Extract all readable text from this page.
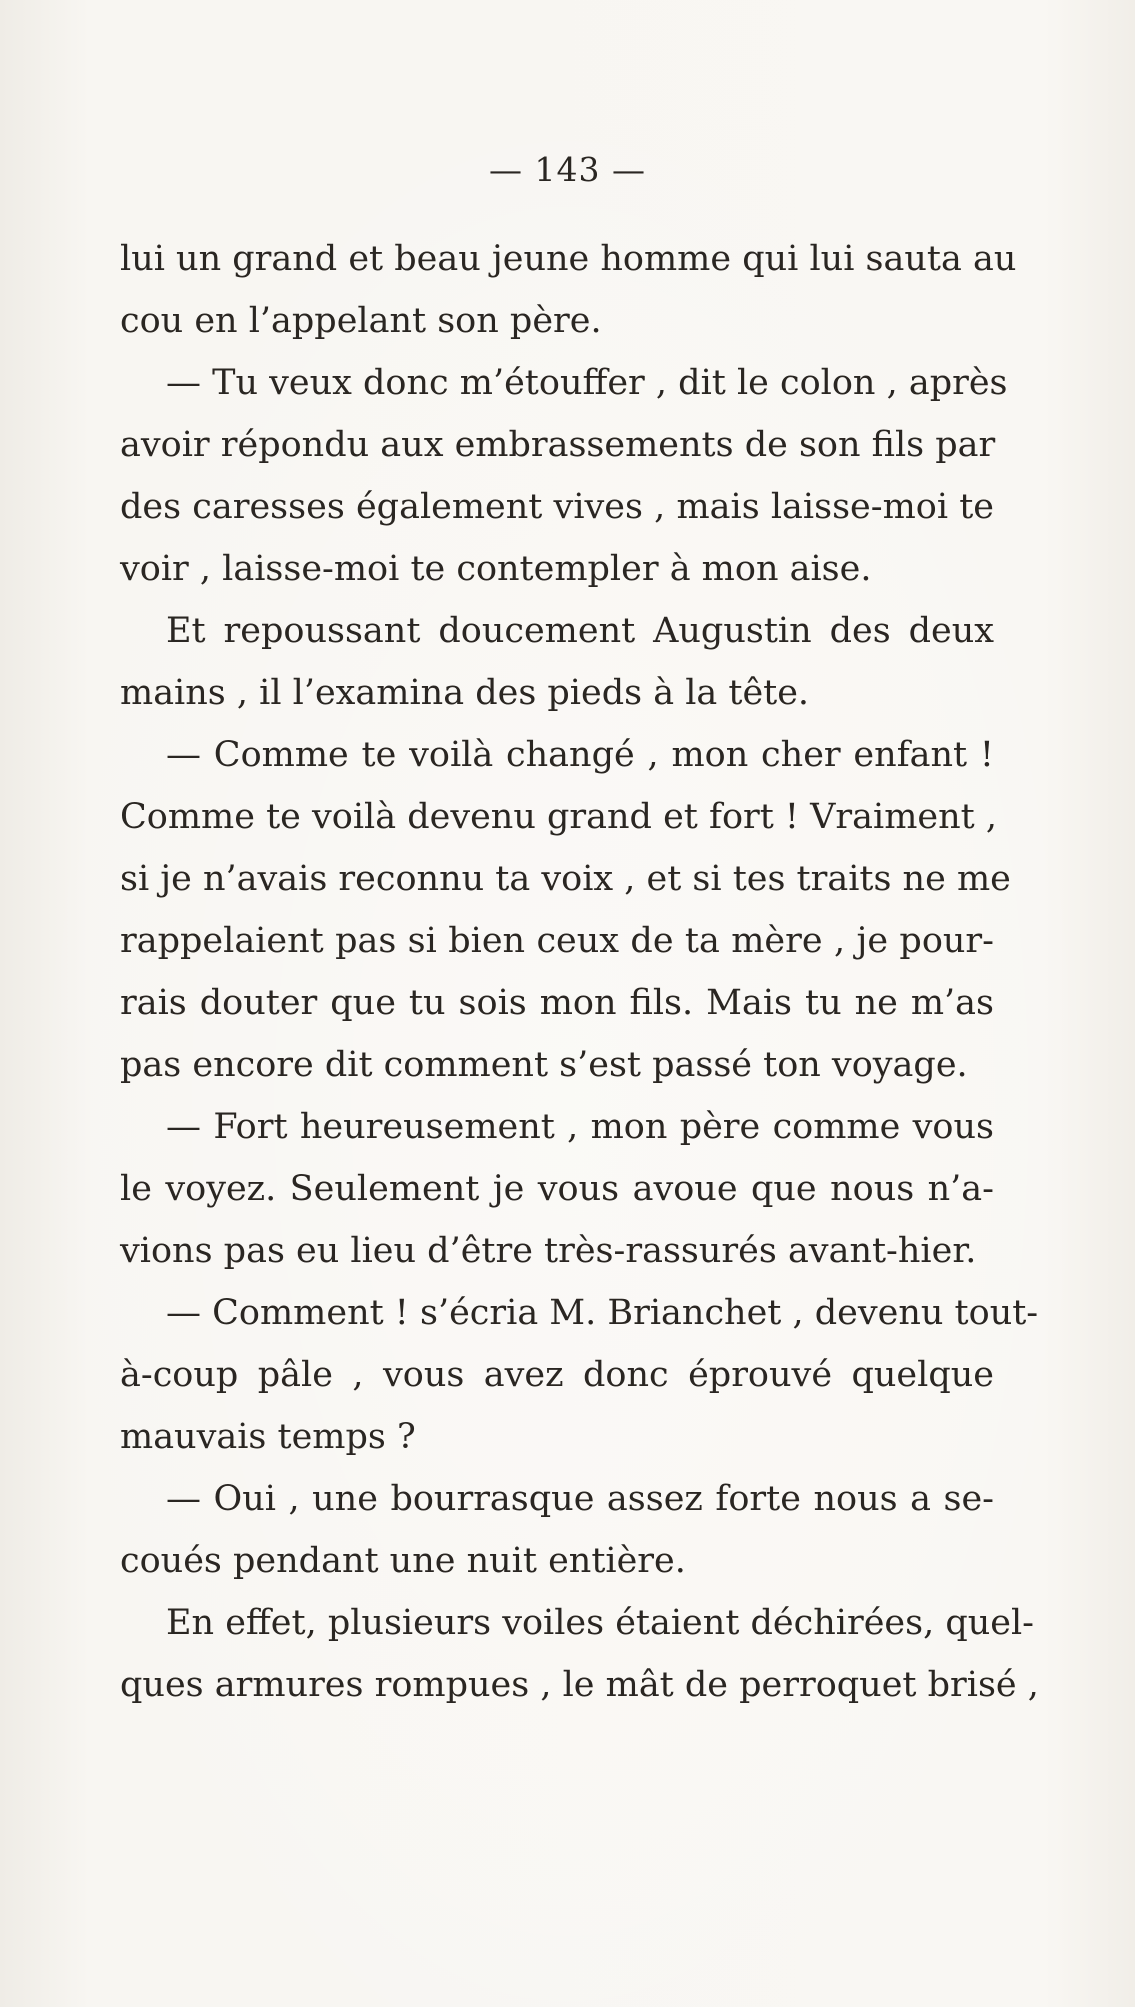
— 143 —
lui un grand et beau jeune homme qui lui sauta au
cou en l’appelant son père.
— Tu veux donc m’étouffer , dit le colon , après
avoir répondu aux embrassements de son fils par
des caresses également vives , mais laisse-moi te
voir , laisse-moi te contempler à mon aise.
Et repoussant doucement Augustin des deux
mains , il l’examina des pieds à la tête.
— Comme te voilà changé , mon cher enfant !
Comme te voilà devenu grand et fort ! Vraiment ,
si je n’avais reconnu ta voix , et si tes traits ne me
rappelaient pas si bien ceux de ta mère , je pour-
rais douter que tu sois mon fils. Mais tu ne m’as
pas encore dit comment s’est passé ton voyage.
— Fort heureusement , mon père comme vous
le voyez. Seulement je vous avoue que nous n’a-
vions pas eu lieu d’être très-rassurés avant-hier.
— Comment ! s’écria M. Brianchet , devenu tout-
à-coup pâle , vous avez donc éprouvé quelque
mauvais temps ?
— Oui , une bourrasque assez forte nous a se-
coués pendant une nuit entière.
En effet, plusieurs voiles étaient déchirées, quel-
ques armures rompues , le mât de perroquet brisé ,
